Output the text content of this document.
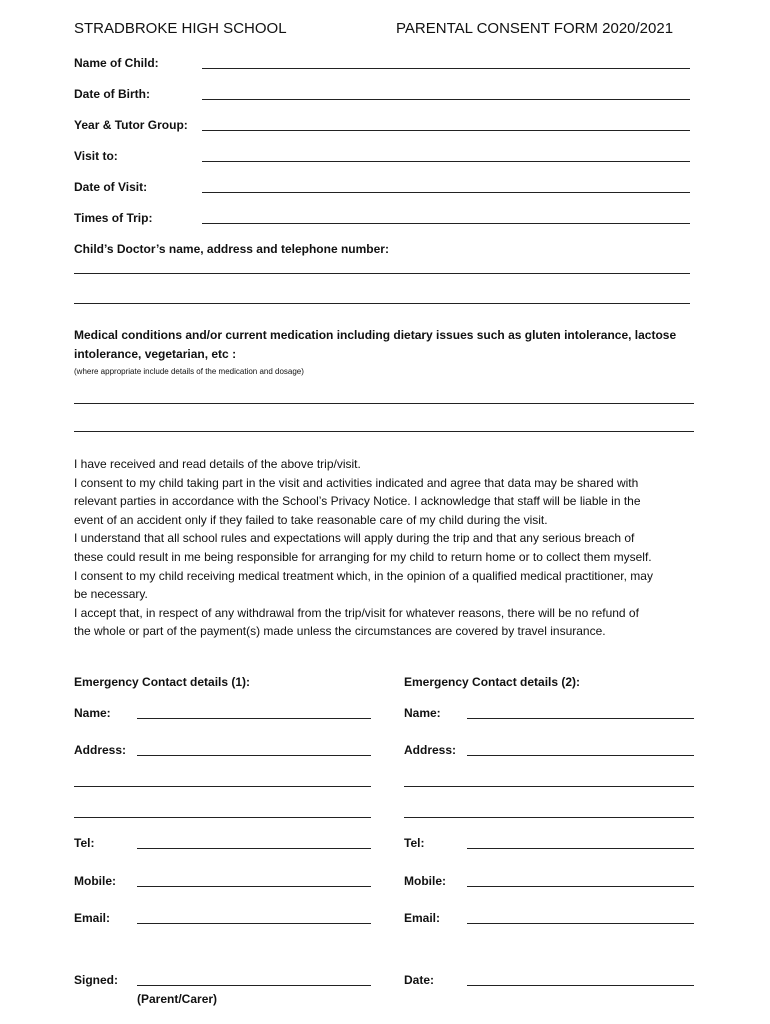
STRADBROKE HIGH SCHOOL	PARENTAL CONSENT FORM 2020/2021
Name of Child:
Date of Birth:
Year & Tutor Group:
Visit to:
Date of Visit:
Times of Trip:
Child’s Doctor’s name, address and telephone number:
Medical conditions and/or current medication including dietary issues such as gluten intolerance, lactose
intolerance, vegetarian, etc :
(where appropriate include details of the medication and dosage)

I have received and read details of the above trip/visit.

I consent to my child taking part in the visit and activities indicated and agree that data may be shared with

relevant parties in accordance with the School’s Privacy Notice. I acknowledge that staff will be liable in the

event of an accident only if they failed to take reasonable care of my child during the visit.

I understand that all school rules and expectations will apply during the trip and that any serious breach of

these could result in me being responsible for arranging for my child to return home or to collect them myself.

I consent to my child receiving medical treatment which, in the opinion of a qualified medical practitioner, may

be necessary.

I accept that, in respect of any withdrawal from the trip/visit for whatever reasons, there will be no refund of

the whole or part of the payment(s) made unless the circumstances are covered by travel insurance.

Emergency Contact details (1):
Name:
Address:
Tel:
Mobile:
Email:
Emergency Contact details (2):
Name:
Address:
Tel:
Mobile:
Email:
Signed:
(Parent/Carer)
Date:
